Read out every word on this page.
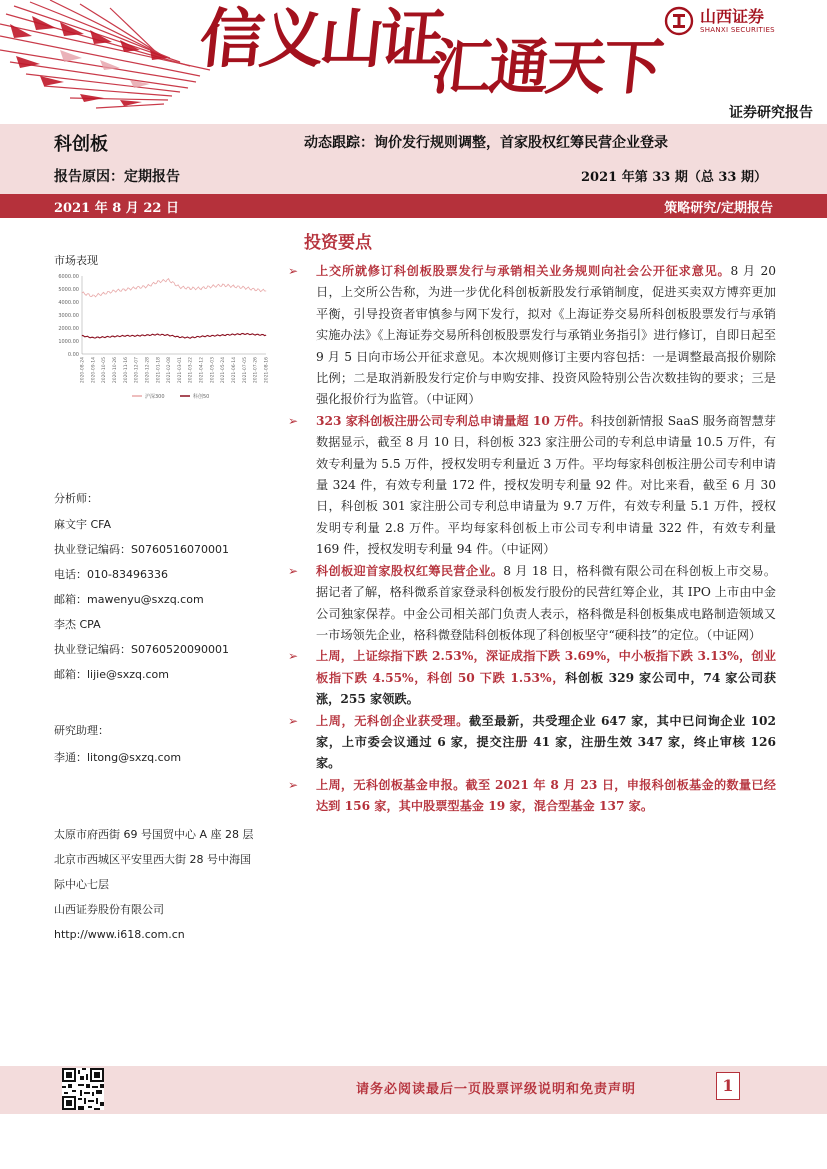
信义山证
汇通天下
山西证券
SHANXI SECURITIES
证券研究报告
科创板	动态跟踪：询价发行规则调整，首家股权红筹民营企业登录
报告原因：定期报告	2021 年第 33 期（总 33 期）
2021 年 8 月 22 日	策略研究/定期报告
市场表现
0.00
1000.00
2000.00
3000.00
4000.00
5000.00
6000.00
2020-08-24 2020-09-14 2020-10-05 2020-10-26 2020-11-16 2020-12-07 2020-12-28 2021-01-18 2021-02-08 2021-03-01 2021-03-22 2021-04-12 2021-05-03 2021-05-24 2021-06-14 2021-07-05 2021-07-26 2021-08-16
沪深300	科创50
分析师：
麻文宇 CFA
执业登记编码：S0760516070001
电话：010-83496336
邮箱：mawenyu@sxzq.com
李杰 CPA
执业登记编码：S0760520090001
邮箱：lijie@sxzq.com
研究助理：
李通：litong@sxzq.com
太原市府西街 69 号国贸中心 A 座 28 层
北京市西城区平安里西大街 28 号中海国
际中心七层
山西证券股份有限公司
http://www.i618.com.cn
投资要点
➢ 上交所就修订科创板股票发行与承销相关业务规则向社会公开征求意见。8 月 20 日，上交所公告称，为进一步优化科创板新股发行承销制度，促进买卖双方博弈更加平衡，引导投资者审慎参与网下发行，拟对《上海证券交易所科创板股票发行与承销实施办法》《上海证券交易所科创板股票发行与承销业务指引》进行修订，自即日起至 9 月 5 日向市场公开征求意见。本次规则修订主要内容包括：一是调整最高报价剔除比例；二是取消新股发行定价与申购安排、投资风险特别公告次数挂钩的要求；三是强化报价行为监管。（中证网）
➢ 323 家科创板注册公司专利总申请量超 10 万件。科技创新情报 SaaS 服务商智慧芽数据显示，截至 8 月 10 日，科创板 323 家注册公司的专利总申请量 10.5 万件，有效专利量为 5.5 万件，授权发明专利量近 3 万件。平均每家科创板注册公司专利申请量 324 件，有效专利量 172 件，授权发明专利量 92 件。对比来看，截至 6 月 30 日，科创板 301 家注册公司专利总申请量为 9.7 万件，有效专利量 5.1 万件，授权发明专利量 2.8 万件。平均每家科创板上市公司专利申请量 322 件，有效专利量 169 件，授权发明专利量 94 件。（中证网）
➢ 科创板迎首家股权红筹民营企业。8 月 18 日，格科微有限公司在科创板上市交易。据记者了解，格科微系首家登录科创板发行股份的民营红筹企业，其 IPO 上市由中金公司独家保荐。中金公司相关部门负责人表示，格科微是科创板集成电路制造领域又一市场领先企业，格科微登陆科创板体现了科创板坚守“硬科技”的定位。（中证网）
➢ 上周，上证综指下跌 2.53%，深证成指下跌 3.69%，中小板指下跌 3.13%，创业板指下跌 4.55%，科创 50 下跌 1.53%，科创板 329 家公司中，74 家公司获涨，255 家领跌。
➢ 上周，无科创企业获受理。截至最新，共受理企业 647 家，其中已问询企业 102 家，上市委会议通过 6 家，提交注册 41 家，注册生效 347 家，终止审核 126 家。
➢ 上周，无科创板基金申报。截至 2021 年 8 月 23 日，申报科创板基金的数量已经达到 156 家，其中股票型基金 19 家，混合型基金 137 家。
请务必阅读最后一页股票评级说明和免责声明	1
